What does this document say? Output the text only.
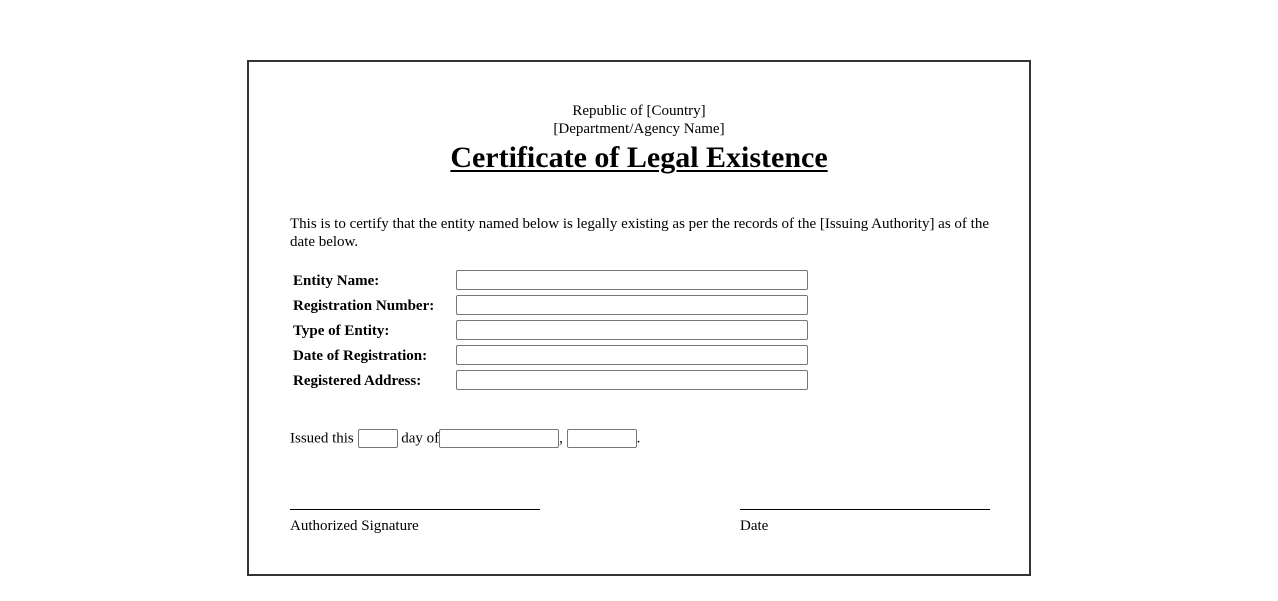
Republic of [Country]
[Department/Agency Name]
Certificate of Legal Existence
This is to certify that the entity named below is legally existing as per the records of the [Issuing Authority] as of the date below.
Entity Name:
Registration Number:
Type of Entity:
Date of Registration:
Registered Address:
Issued this	day of	,	.
Authorized Signature	Date
